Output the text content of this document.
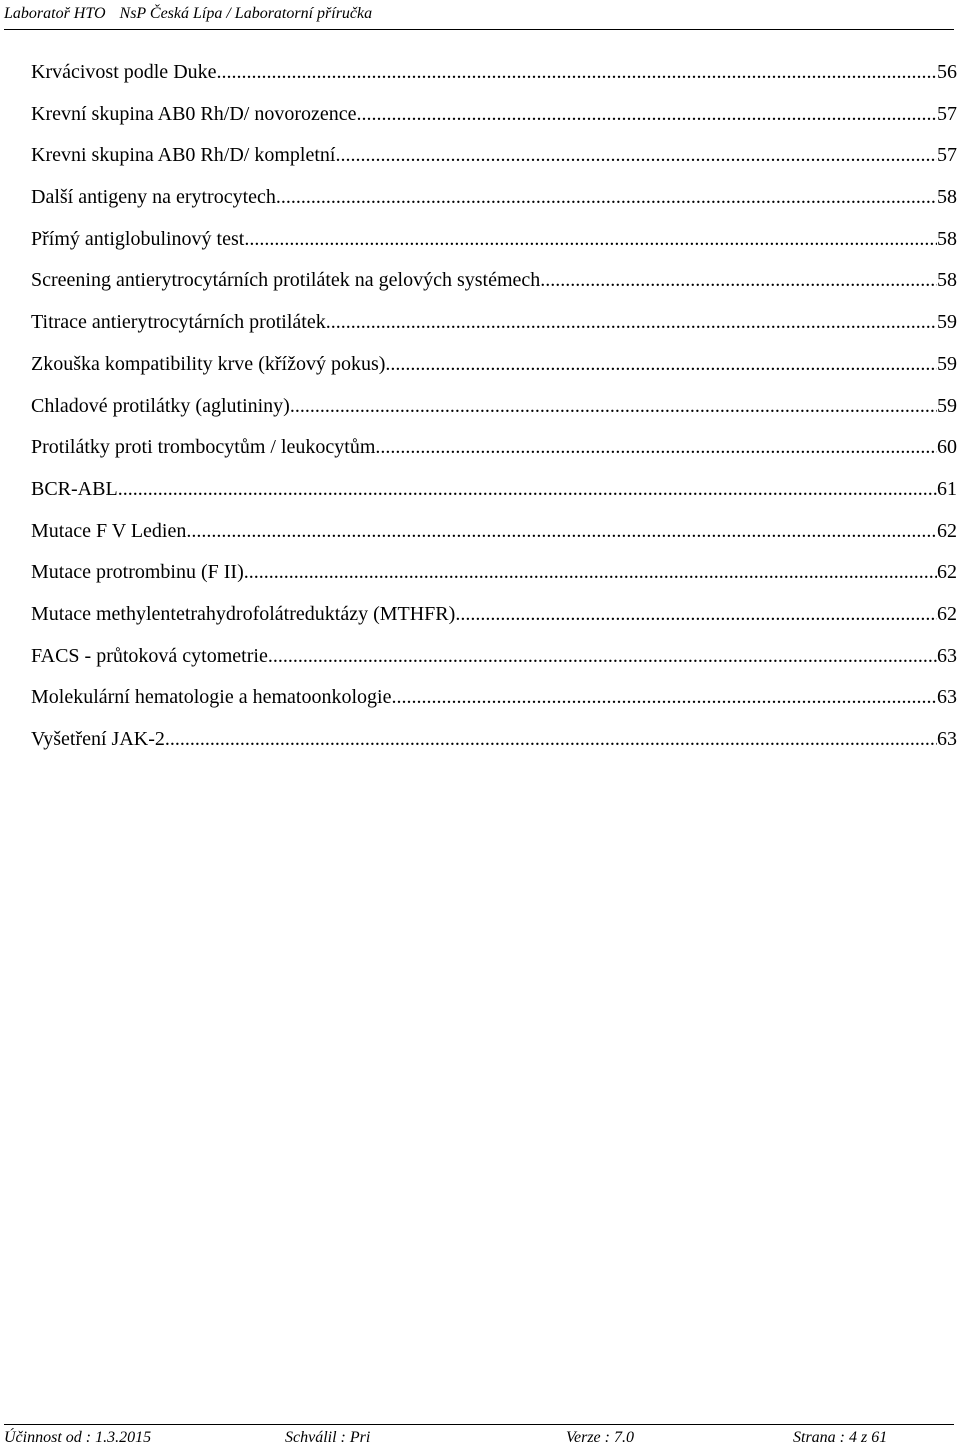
Laboratoř HTO NsP Česká Lípa / Laboratorní příručka
Krvácivost podle Duke .....	56
Krevní skupina AB0 Rh/D/ novorozence .....	57
Krevni skupina AB0 Rh/D/ kompletní .....	57
Další antigeny na erytrocytech .....	58
Přímý antiglobulinový test .....	58
Screening antierytrocytárních protilátek na gelových systémech .....	58
Titrace antierytrocytárních protilátek .....	59
Zkouška kompatibility krve (křížový pokus) .....	59
Chladové protilátky (aglutininy) .....	59
Protilátky proti trombocytům / leukocytům .....	60
BCR-ABL .....	61
Mutace F V Ledien .....	62
Mutace protrombinu (F II) .....	62
Mutace methylentetrahydrofolátreduktázy (MTHFR) .....	62
FACS - průtoková cytometrie .....	63
Molekulární hematologie a hematoonkologie .....	63
Vyšetření JAK-2 .....	63
Účinnost od : 1.3.2015	Schválil : Pri	Verze : 7.0	Strana : 4 z 61
